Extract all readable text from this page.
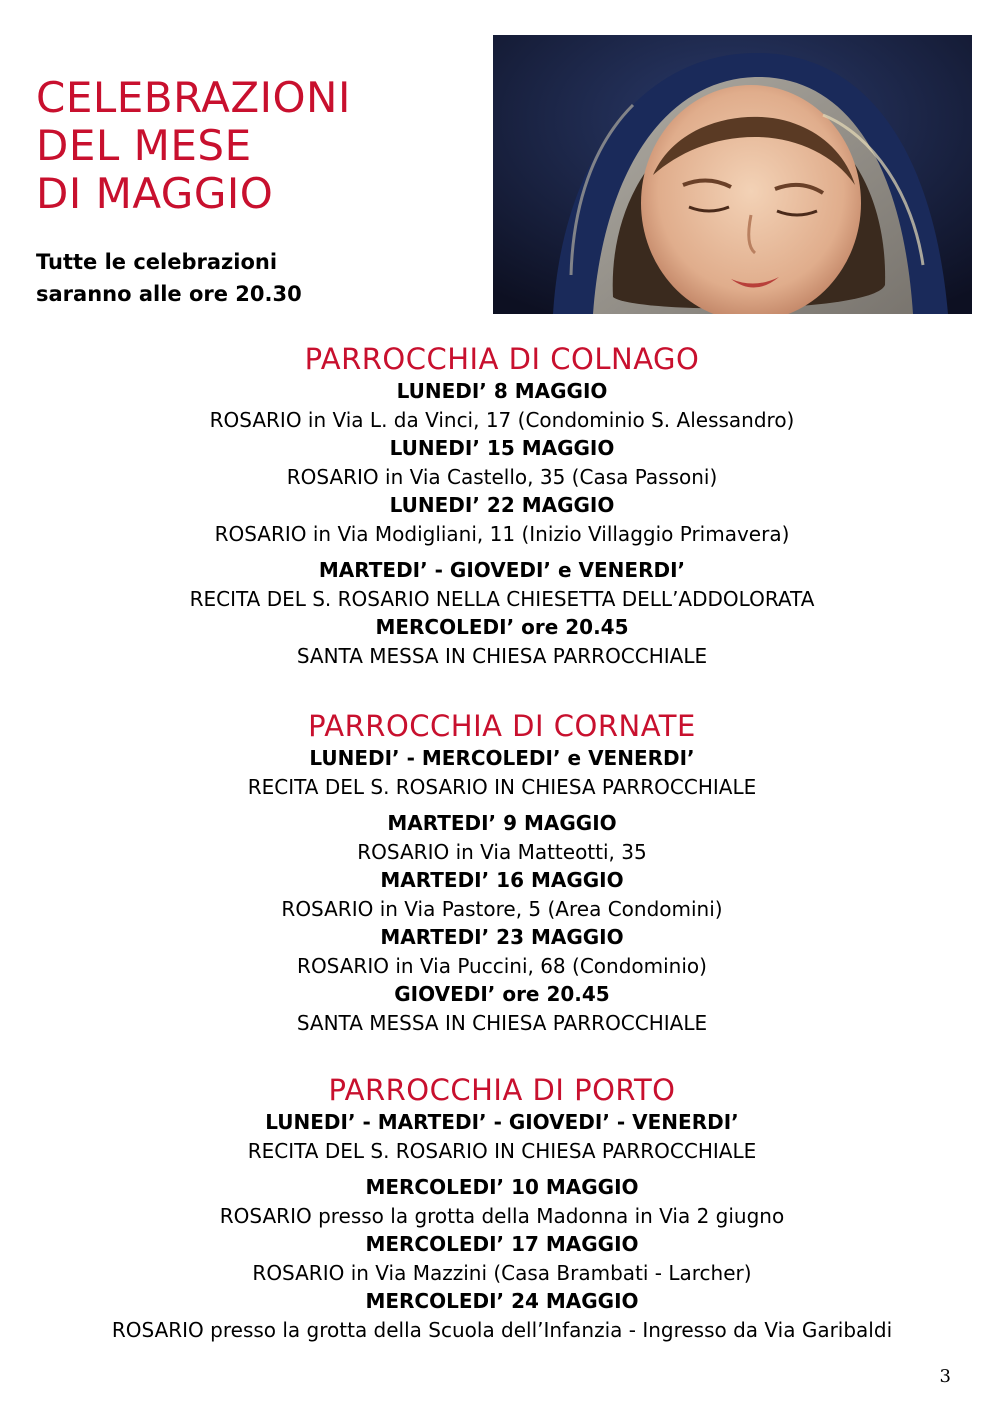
CELEBRAZIONI
DEL MESE
DI MAGGIO

Tutte le celebrazioni
saranno alle ore 20.30

PARROCCHIA DI COLNAGO
LUNEDI’ 8 MAGGIO
ROSARIO in Via L. da Vinci, 17 (Condominio S. Alessandro)
LUNEDI’ 15 MAGGIO
ROSARIO in Via Castello, 35 (Casa Passoni)
LUNEDI’ 22 MAGGIO
ROSARIO in Via Modigliani, 11 (Inizio Villaggio Primavera)
MARTEDI’ - GIOVEDI’ e VENERDI’
RECITA DEL S. ROSARIO NELLA CHIESETTA DELL’ADDOLORATA
MERCOLEDI’ ore 20.45
SANTA MESSA IN CHIESA PARROCCHIALE
PARROCCHIA DI CORNATE
LUNEDI’ - MERCOLEDI’ e VENERDI’
RECITA DEL S. ROSARIO IN CHIESA PARROCCHIALE
MARTEDI’ 9 MAGGIO
ROSARIO in Via Matteotti, 35
MARTEDI’ 16 MAGGIO
ROSARIO in Via Pastore, 5 (Area Condomini)
MARTEDI’ 23 MAGGIO
ROSARIO in Via Puccini, 68 (Condominio)
GIOVEDI’ ore 20.45
SANTA MESSA IN CHIESA PARROCCHIALE
PARROCCHIA DI PORTO
LUNEDI’ - MARTEDI’ - GIOVEDI’ - VENERDI’
RECITA DEL S. ROSARIO IN CHIESA PARROCCHIALE
MERCOLEDI’ 10 MAGGIO
ROSARIO presso la grotta della Madonna in Via 2 giugno
MERCOLEDI’ 17 MAGGIO
ROSARIO in Via Mazzini (Casa Brambati - Larcher)
MERCOLEDI’ 24 MAGGIO
ROSARIO presso la grotta della Scuola dell’Infanzia - Ingresso da Via Garibaldi
3
